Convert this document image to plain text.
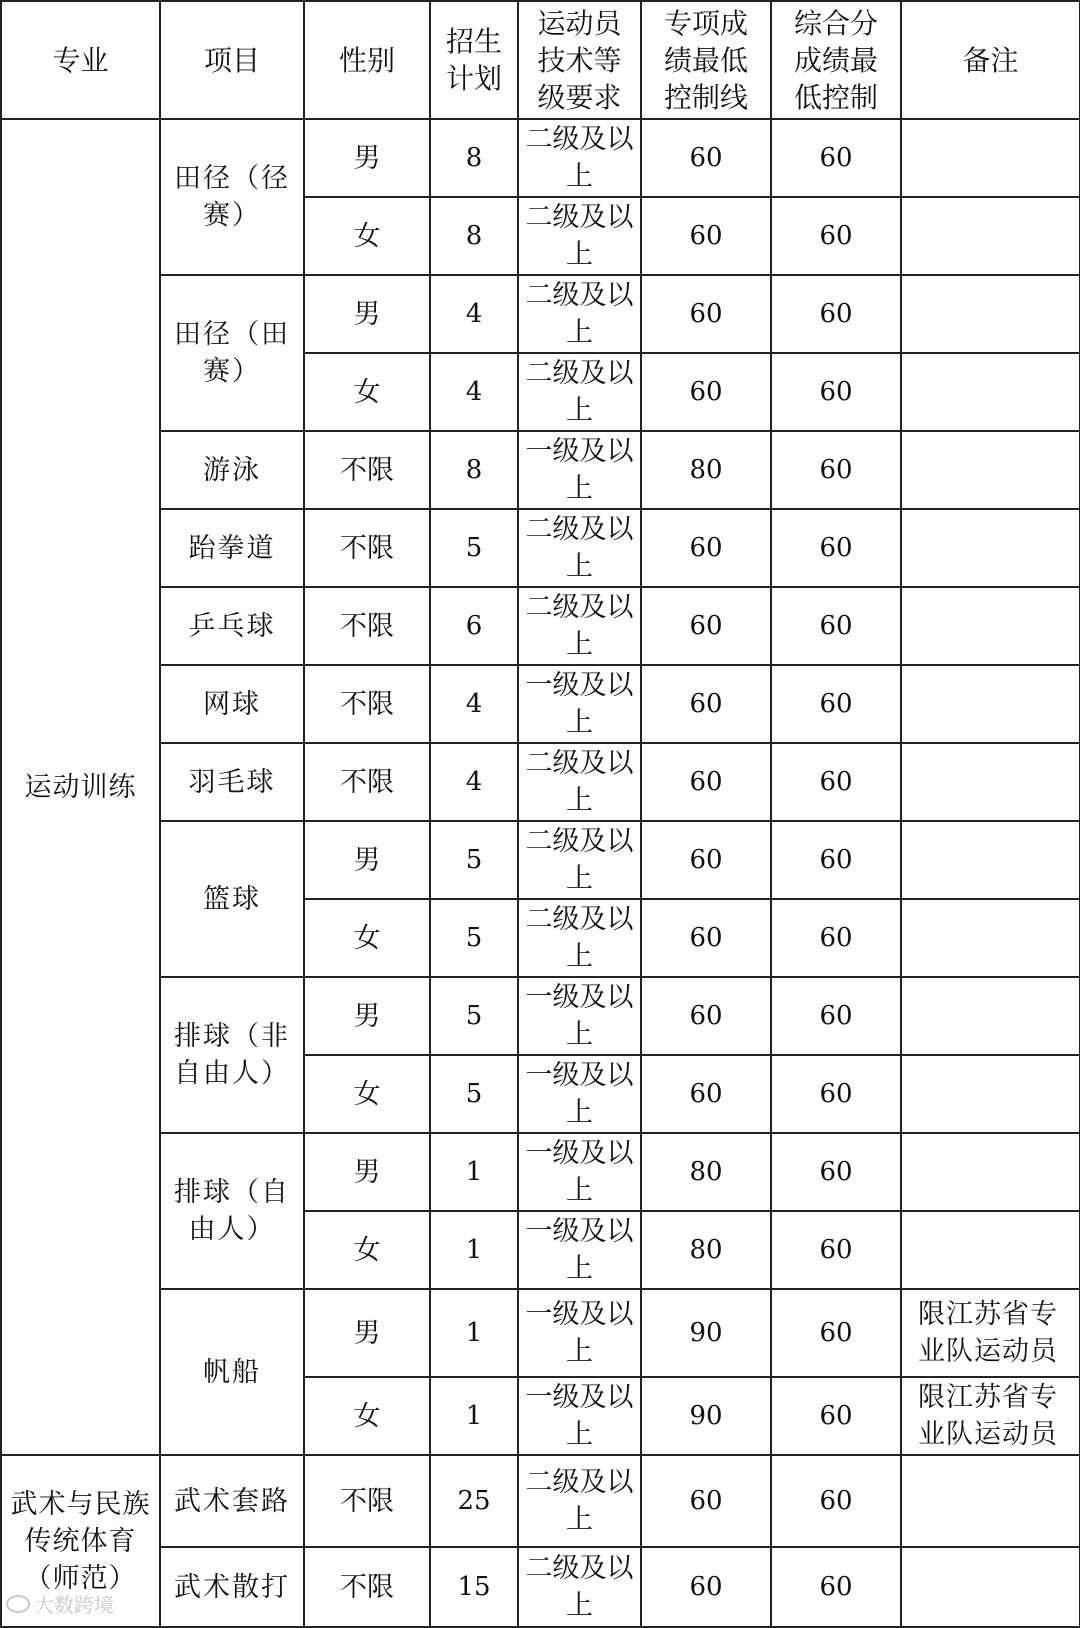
专业	项目	性别	招生计划	运动员技术等级要求	专项成绩最低控制线	综合分成绩最低控制	备注
运动训练	田径（径赛）	男	8	二级及以上	60	60	
		女	8	二级及以上	60	60	
	田径（田赛）	男	4	二级及以上	60	60	
		女	4	二级及以上	60	60	
	游泳	不限	8	一级及以上	80	60	
	跆拳道	不限	5	二级及以上	60	60	
	乒乓球	不限	6	二级及以上	60	60	
	网球	不限	4	一级及以上	60	60	
	羽毛球	不限	4	二级及以上	60	60	
	篮球	男	5	二级及以上	60	60	
		女	5	二级及以上	60	60	
	排球（非自由人）	男	5	一级及以上	60	60	
		女	5	一级及以上	60	60	
	排球（自由人）	男	1	一级及以上	80	60	
		女	1	一级及以上	80	60	
	帆船	男	1	一级及以上	90	60	限江苏省专业队运动员
		女	1	一级及以上	90	60	限江苏省专业队运动员
武术与民族传统体育（师范）	武术套路	不限	25	二级及以上	60	60	
	武术散打	不限	15	二级及以上	60	60	
大数跨境
